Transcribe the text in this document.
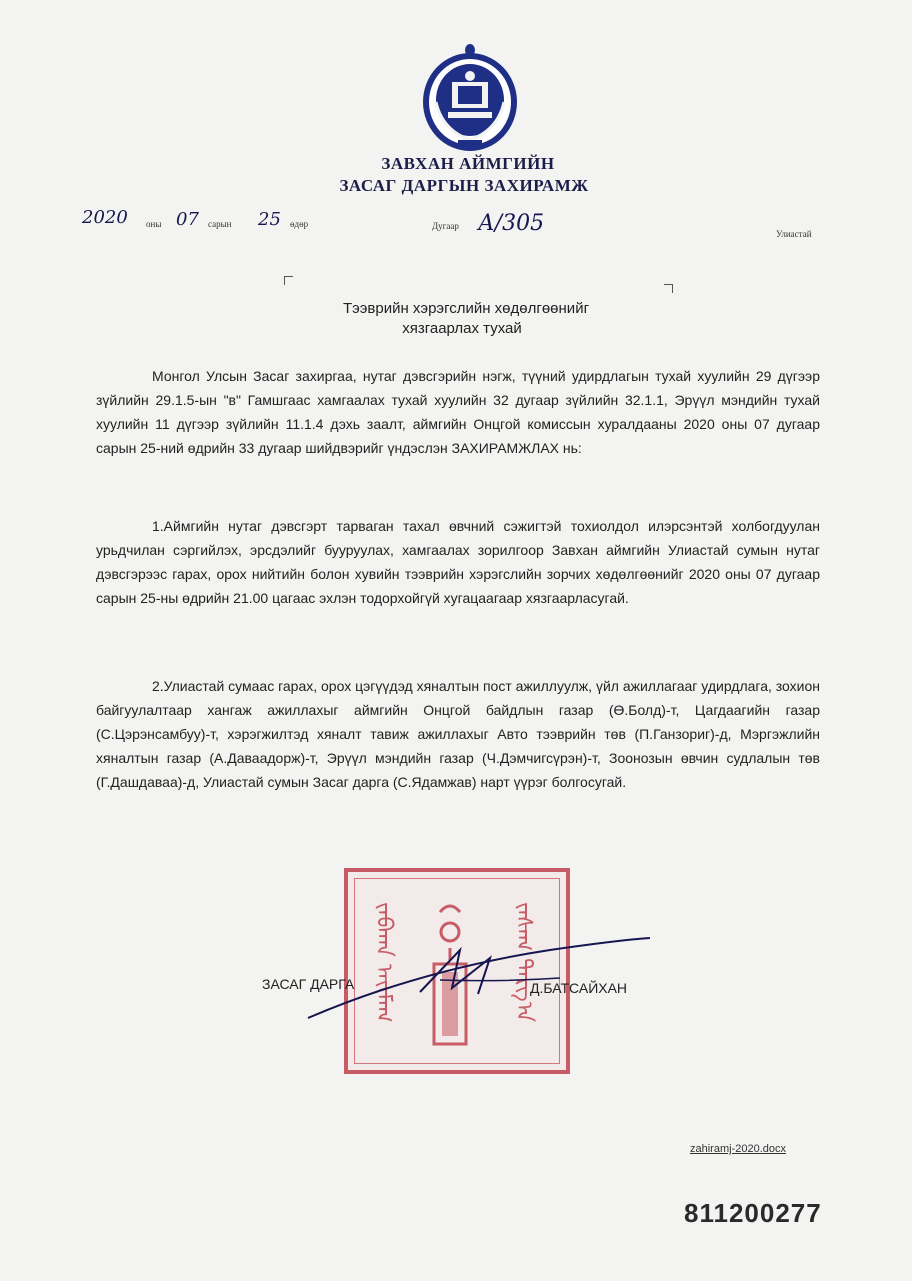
ЗАВХАН АЙМГИЙН
ЗАСАГ ДАРГЫН ЗАХИРАМЖ
2020 оны 07 сарын 25 өдөр	Дугаар А/305	Улиастай
Тээврийн хэрэгслийн хөдөлгөөнийг
хязгаарлах тухай

Монгол Улсын Засаг захиргаа, нутаг дэвсгэрийн нэгж, түүний удирдлагын тухай хуулийн 29 дүгээр зүйлийн 29.1.5-ын "в" Гамшгаас хамгаалах тухай хуулийн 32 дугаар зүйлийн 32.1.1, Эрүүл мэндийн тухай хуулийн 11 дүгээр зүйлийн 11.1.4 дэхь заалт, аймгийн Онцгой комиссын хуралдааны 2020 оны 07 дугаар сарын 25-ний өдрийн 33 дугаар шийдвэрийг үндэслэн ЗАХИРАМЖЛАХ нь:

1.Аймгийн нутаг дэвсгэрт тарваган тахал өвчний сэжигтэй тохиолдол илэрсэнтэй холбогдуулан урьдчилан сэргийлэх, эрсдэлийг бууруулах, хамгаалах зорилгоор Завхан аймгийн Улиастай сумын нутаг дэвсгэрээс гарах, орох нийтийн болон хувийн тээврийн хэрэгслийн зорчих хөдөлгөөнийг 2020 оны 07 дугаар сарын 25-ны өдрийн 21.00 цагаас эхлэн тодорхойгүй хугацаагаар хязгаарласугай.

2.Улиастай сумаас гарах, орох цэгүүдэд хяналтын пост ажиллуулж, үйл ажиллагааг удирдлага, зохион байгуулалтаар хангаж ажиллахыг аймгийн Онцгой байдлын газар (Ө.Болд)-т, Цагдаагийн газар (С.Цэрэнсамбуу)-т, хэрэгжилтэд хяналт тавиж ажиллахыг Авто тээврийн төв (П.Ганзориг)-д, Мэргэжлийн хяналтын газар (А.Даваадорж)-т, Эрүүл мэндийн газар (Ч.Дэмчигсүрэн)-т, Зоонозын өвчин судлалын төв (Г.Дашдаваа)-д, Улиастай сумын Засаг дарга (С.Ядамжав) нарт үүрэг болгосугай.

ᠵᠠᠪᠬᠠᠨ ᠠᠢᠮᠠᠭ	ᠵᠠᠰᠠᠭ ᠳᠠᠷᠭ᠎ᠠ
ЗАСАГ ДАРГА	Д.БАТСАЙХАН
zahiramj-2020.docx
811200277
